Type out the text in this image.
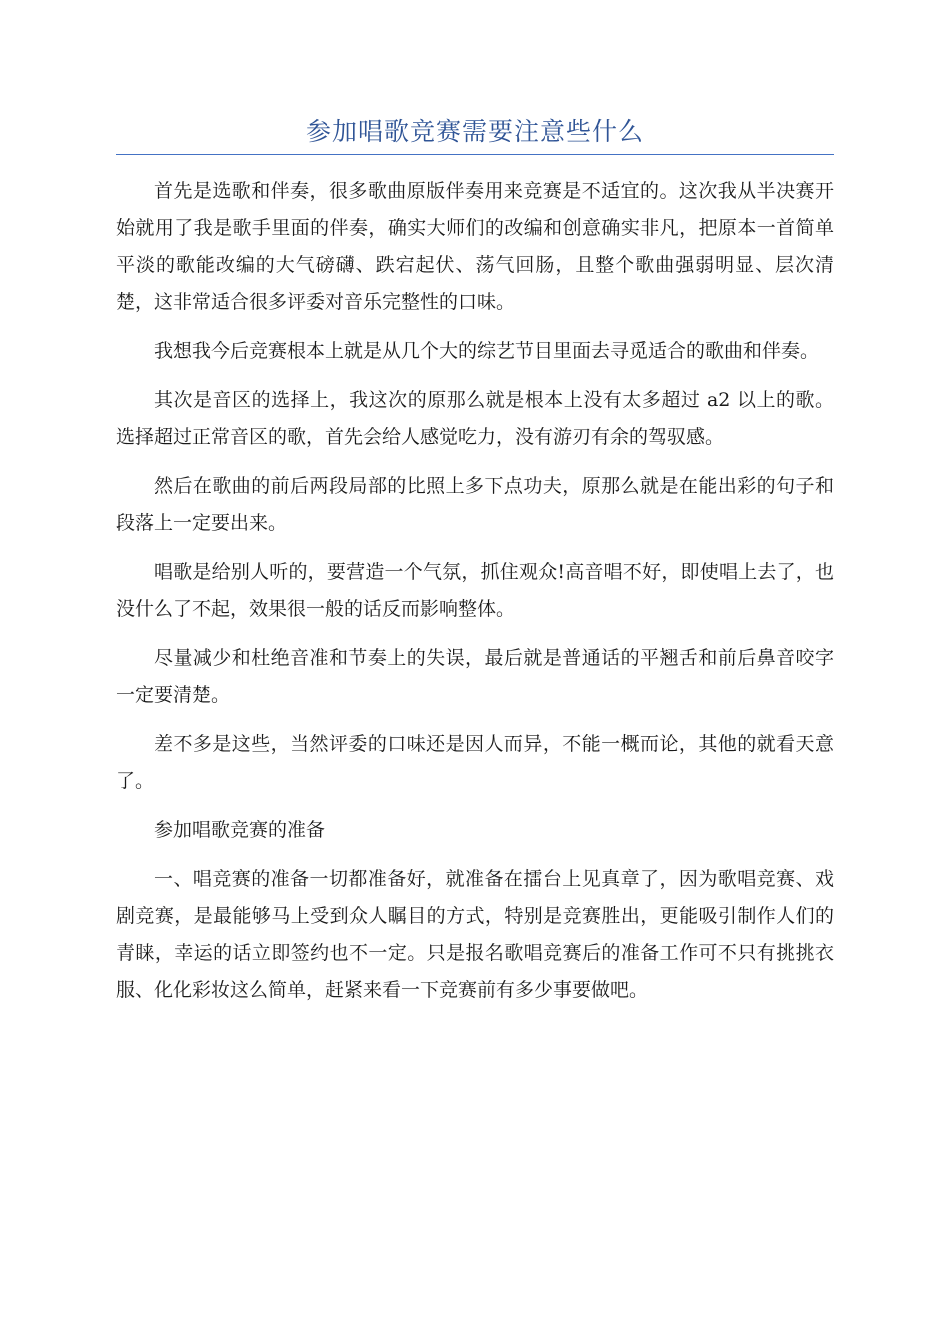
参加唱歌竞赛需要注意些什么

首先是选歌和伴奏，很多歌曲原版伴奏用来竞赛是不适宜的。这次我从半决赛开始就用了我是歌手里面的伴奏，确实大师们的改编和创意确实非凡，把原本一首简单平淡的歌能改编的大气磅礴、跌宕起伏、荡气回肠，且整个歌曲强弱明显、层次清楚，这非常适合很多评委对音乐完整性的口味。

我想我今后竞赛根本上就是从几个大的综艺节目里面去寻觅适合的歌曲和伴奏。

其次是音区的选择上，我这次的原那么就是根本上没有太多超过 a2 以上的歌。选择超过正常音区的歌，首先会给人感觉吃力，没有游刃有余的驾驭感。

然后在歌曲的前后两段局部的比照上多下点功夫，原那么就是在能出彩的句子和段落上一定要出来。

唱歌是给别人听的，要营造一个气氛，抓住观众!高音唱不好，即使唱上去了，也没什么了不起，效果很一般的话反而影响整体。

尽量减少和杜绝音准和节奏上的失误，最后就是普通话的平翘舌和前后鼻音咬字一定要清楚。

差不多是这些，当然评委的口味还是因人而异，不能一概而论，其他的就看天意了。

参加唱歌竞赛的准备

一、唱竞赛的准备一切都准备好，就准备在擂台上见真章了，因为歌唱竞赛、戏剧竞赛，是最能够马上受到众人瞩目的方式，特别是竞赛胜出，更能吸引制作人们的青睐，幸运的话立即签约也不一定。只是报名歌唱竞赛后的准备工作可不只有挑挑衣服、化化彩妆这么简单，赶紧来看一下竞赛前有多少事要做吧。
